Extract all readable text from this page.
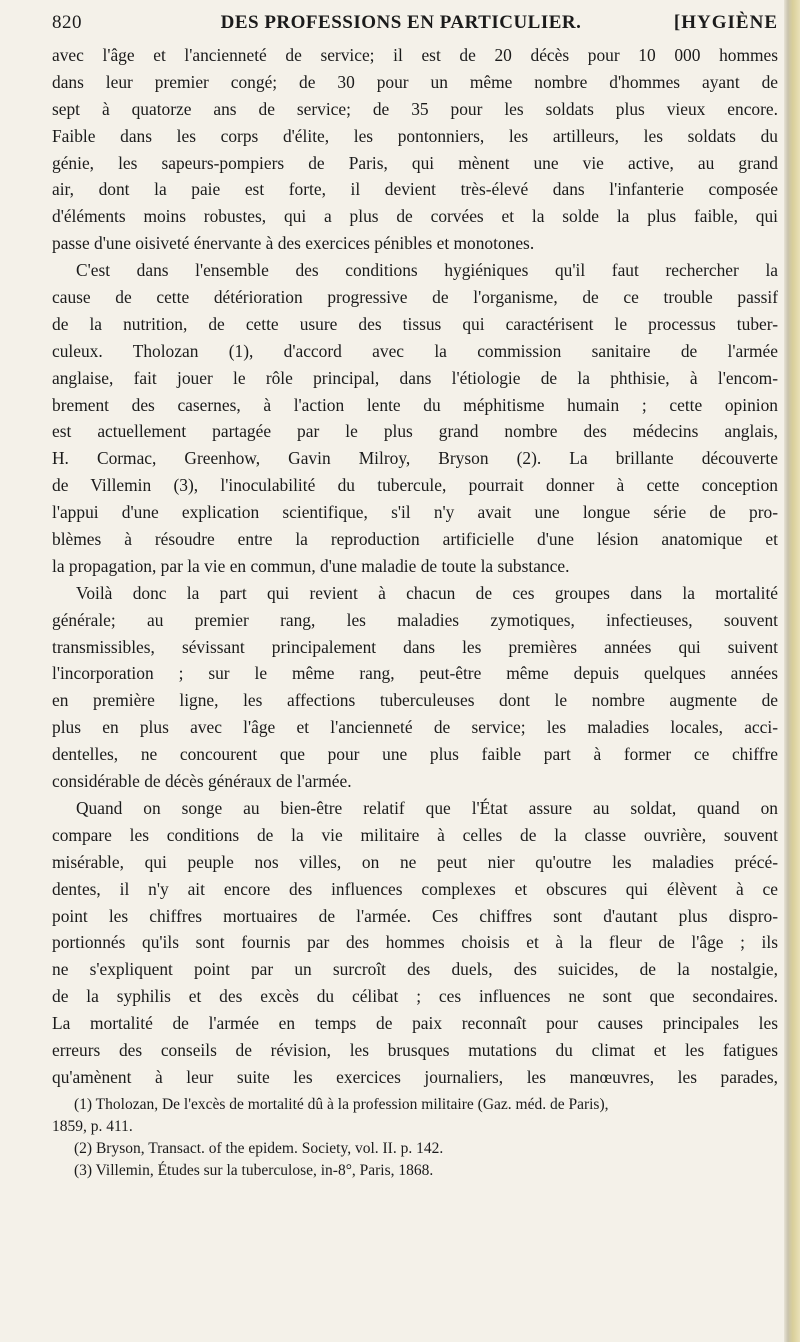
820	DES PROFESSIONS EN PARTICULIER.	[HYGIÈNE
avec l'âge et l'ancienneté de service; il est de 20 décès pour 10 000 hommes
dans leur premier congé; de 30 pour un même nombre d'hommes ayant de
sept à quatorze ans de service; de 35 pour les soldats plus vieux encore.
Faible dans les corps d'élite, les pontonniers, les artilleurs, les soldats du
génie, les sapeurs-pompiers de Paris, qui mènent une vie active, au grand
air, dont la paie est forte, il devient très-élevé dans l'infanterie composée
d'éléments moins robustes, qui a plus de corvées et la solde la plus faible, qui
passe d'une oisiveté énervante à des exercices pénibles et monotones.
C'est dans l'ensemble des conditions hygiéniques qu'il faut rechercher la
cause de cette détérioration progressive de l'organisme, de ce trouble passif
de la nutrition, de cette usure des tissus qui caractérisent le processus tuber-
culeux. Tholozan (1), d'accord avec la commission sanitaire de l'armée
anglaise, fait jouer le rôle principal, dans l'étiologie de la phthisie, à l'encom-
brement des casernes, à l'action lente du méphitisme humain ; cette opinion
est actuellement partagée par le plus grand nombre des médecins anglais,
H. Cormac, Greenhow, Gavin Milroy, Bryson (2). La brillante découverte
de Villemin (3), l'inoculabilité du tubercule, pourrait donner à cette conception
l'appui d'une explication scientifique, s'il n'y avait une longue série de pro-
blèmes à résoudre entre la reproduction artificielle d'une lésion anatomique et
la propagation, par la vie en commun, d'une maladie de toute la substance.
Voilà donc la part qui revient à chacun de ces groupes dans la mortalité
générale; au premier rang, les maladies zymotiques, infectieuses, souvent
transmissibles, sévissant principalement dans les premières années qui suivent
l'incorporation ; sur le même rang, peut-être même depuis quelques années
en première ligne, les affections tuberculeuses dont le nombre augmente de
plus en plus avec l'âge et l'ancienneté de service; les maladies locales, acci-
dentelles, ne concourent que pour une plus faible part à former ce chiffre
considérable de décès généraux de l'armée.
Quand on songe au bien-être relatif que l'État assure au soldat, quand on
compare les conditions de la vie militaire à celles de la classe ouvrière, souvent
misérable, qui peuple nos villes, on ne peut nier qu'outre les maladies précé-
dentes, il n'y ait encore des influences complexes et obscures qui élèvent à ce
point les chiffres mortuaires de l'armée. Ces chiffres sont d'autant plus dispro-
portionnés qu'ils sont fournis par des hommes choisis et à la fleur de l'âge ; ils
ne s'expliquent point par un surcroît des duels, des suicides, de la nostalgie,
de la syphilis et des excès du célibat ; ces influences ne sont que secondaires.
La mortalité de l'armée en temps de paix reconnaît pour causes principales les
erreurs des conseils de révision, les brusques mutations du climat et les fatigues
qu'amènent à leur suite les exercices journaliers, les manœuvres, les parades,
(1) Tholozan, De l'excès de mortalité dû à la profession militaire (Gaz. méd. de Paris),
1859, p. 411.
(2) Bryson, Transact. of the epidem. Society, vol. II. p. 142.
(3) Villemin, Études sur la tuberculose, in-8°, Paris, 1868.
